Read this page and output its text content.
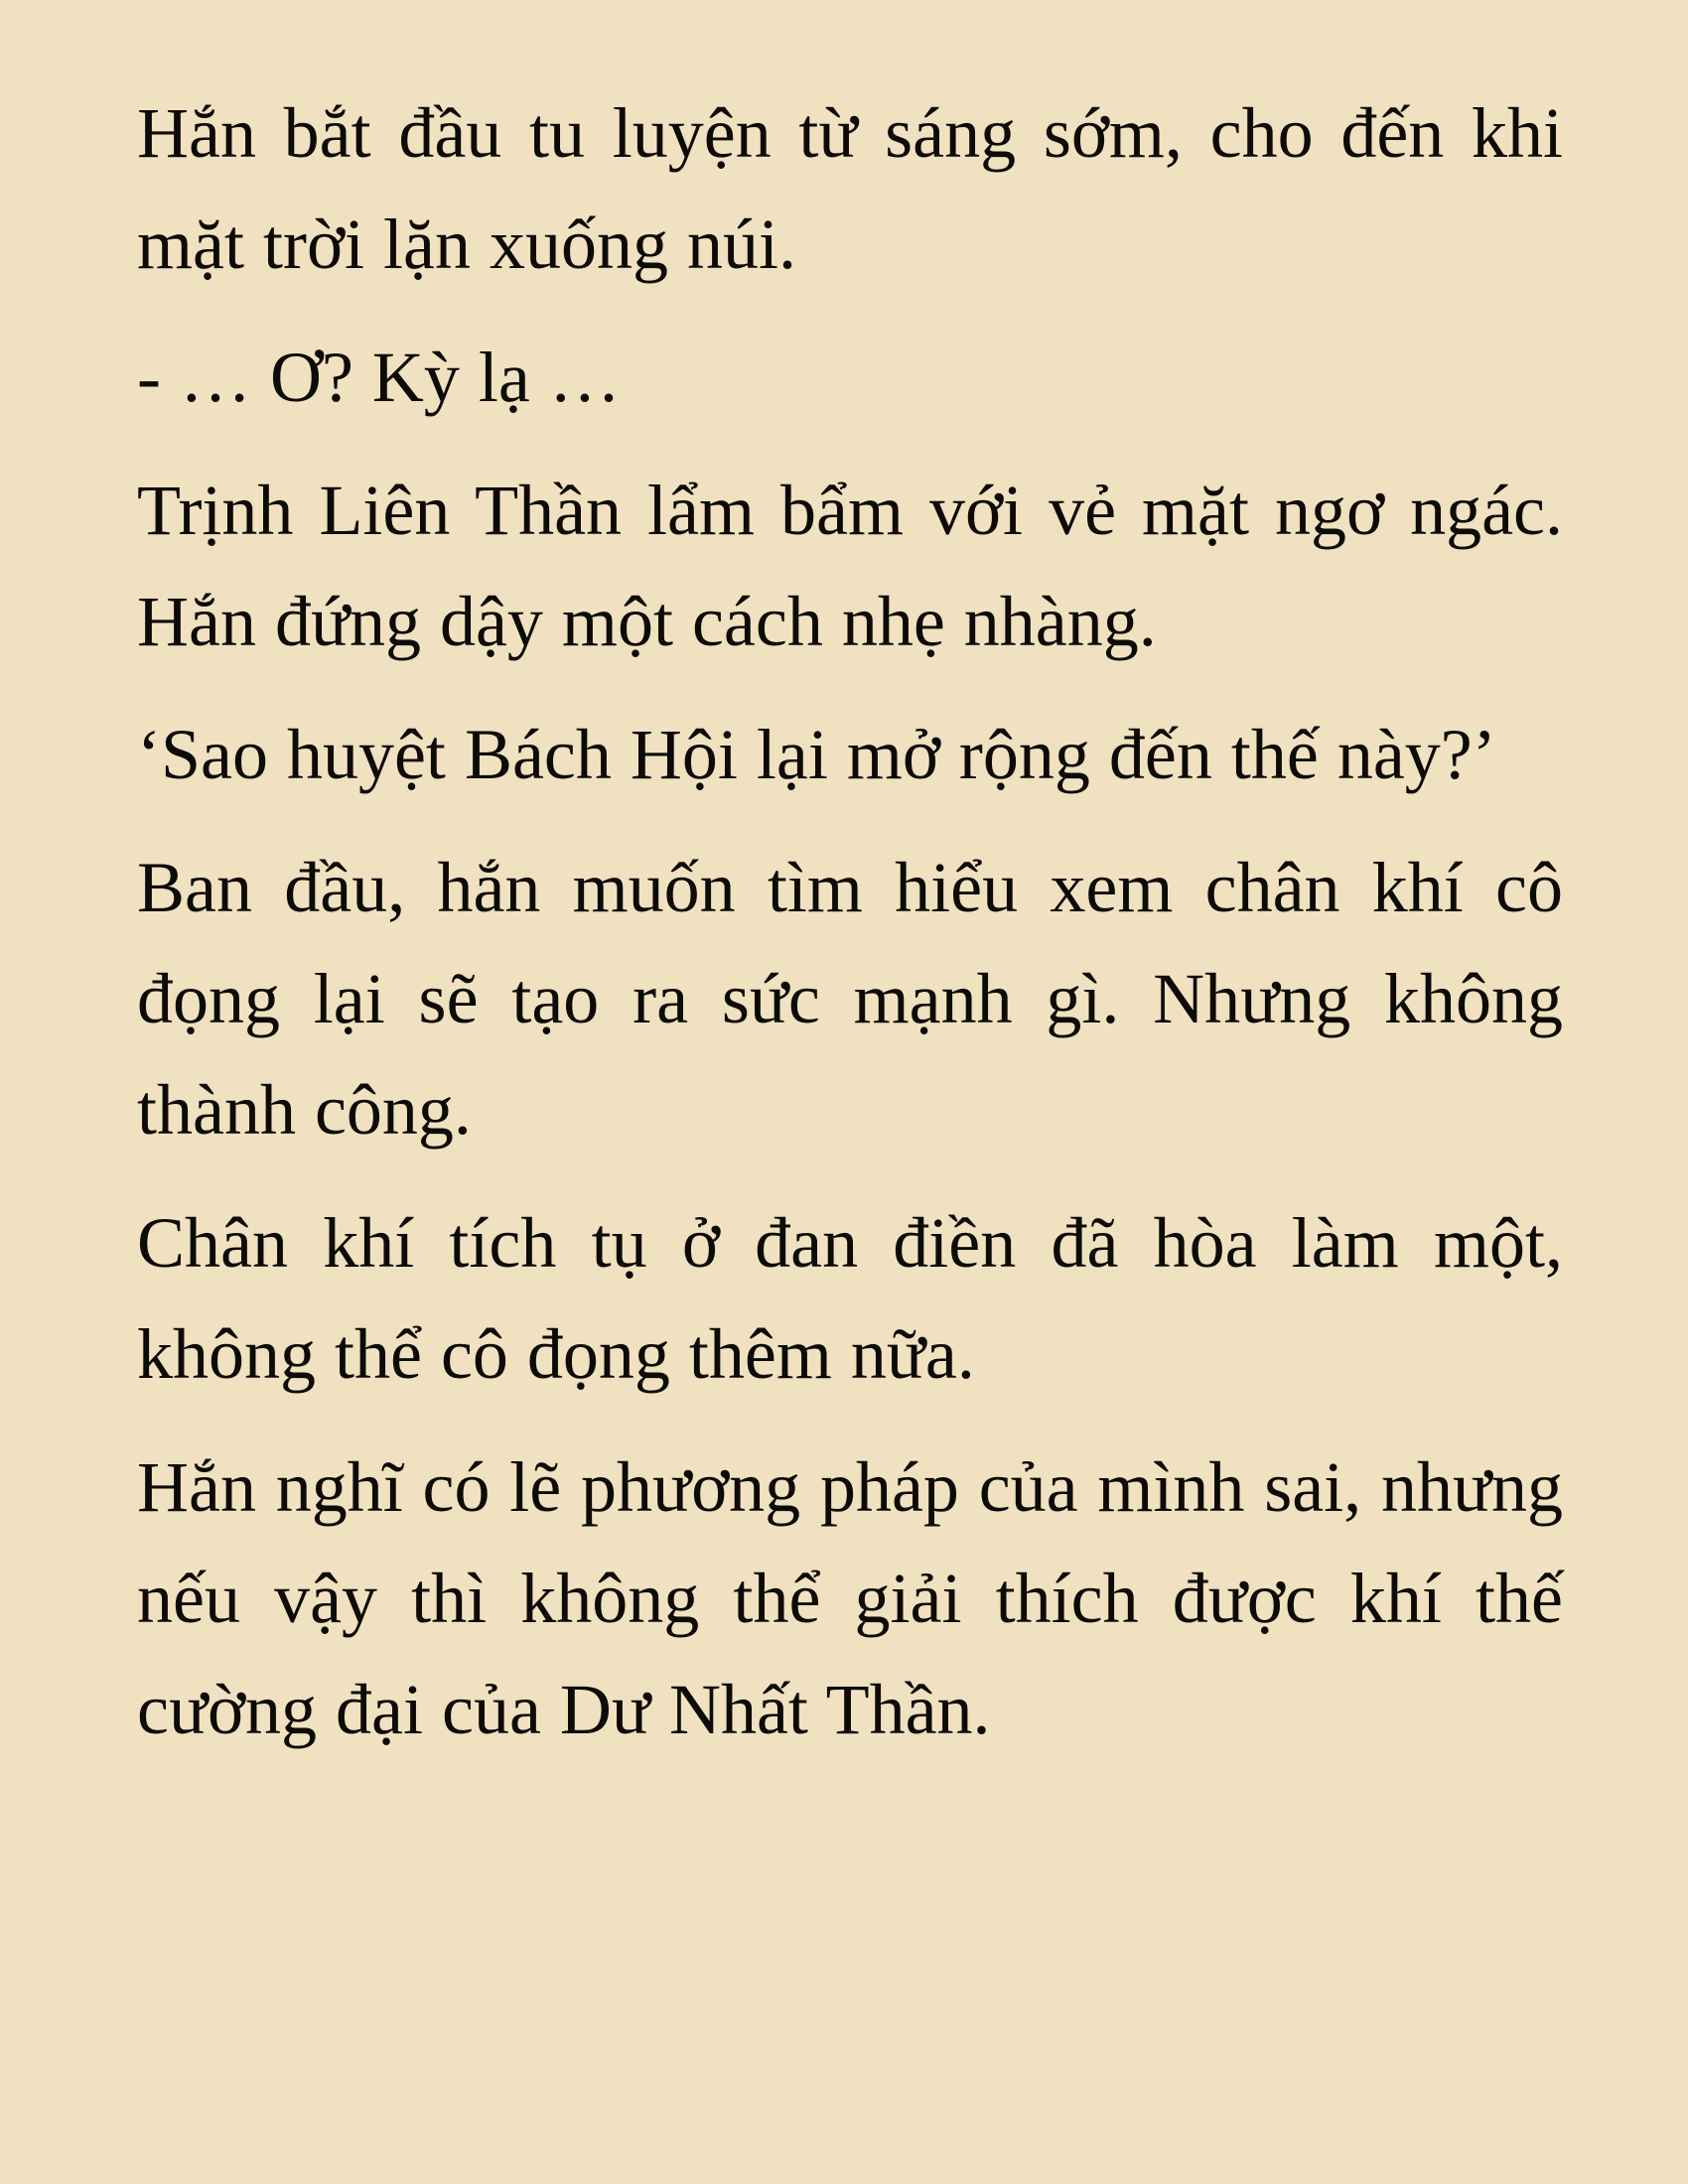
Hắn bắt đầu tu luyện từ sáng sớm, cho đến khi mặt trời lặn xuống núi.

- … Ơ? Kỳ lạ …

Trịnh Liên Thần lẩm bẩm với vẻ mặt ngơ ngác. Hắn đứng dậy một cách nhẹ nhàng.

‘Sao huyệt Bách Hội lại mở rộng đến thế này?’

Ban đầu, hắn muốn tìm hiểu xem chân khí cô đọng lại sẽ tạo ra sức mạnh gì. Nhưng không thành công.

Chân khí tích tụ ở đan điền đã hòa làm một, không thể cô đọng thêm nữa.

Hắn nghĩ có lẽ phương pháp của mình sai, nhưng nếu vậy thì không thể giải thích được khí thế cường đại của Dư Nhất Thần.
